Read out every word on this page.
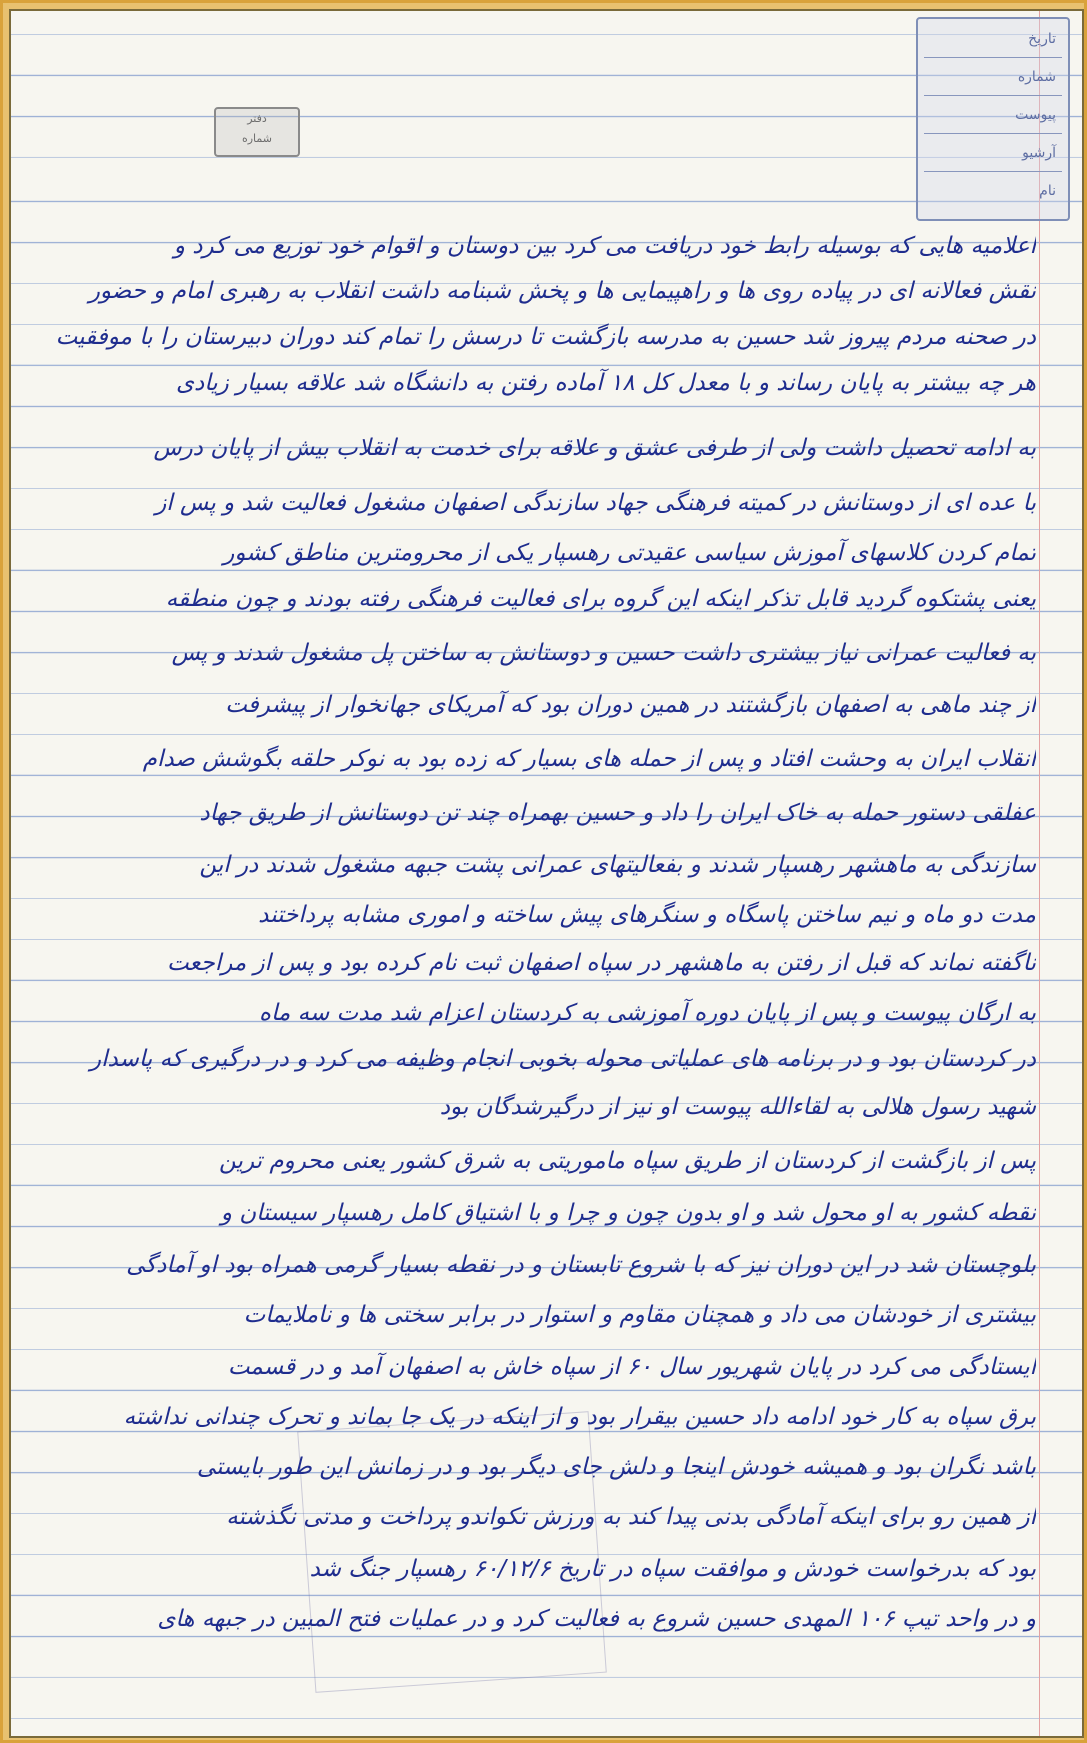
تاریخ
شماره
پیوست
آرشیو
نام
دفتر
شماره
اعلامیه هایی که بوسیله رابط خود دریافت می کرد بین دوستان و اقوام خود توزیع می کرد و
نقش فعالانه ای در پیاده روی ها و راهپیمایی ها و پخش شبنامه داشت انقلاب به رهبری امام و حضور
در صحنه مردم پیروز شد حسین به مدرسه بازگشت تا درسش را تمام کند دوران دبیرستان را با موفقیت
هر چه بیشتر به پایان رساند و با معدل کل ۱۸ آماده رفتن به دانشگاه شد علاقه بسیار زیادی
به ادامه تحصیل داشت ولی از طرفی عشق و علاقه برای خدمت به انقلاب بیش از پایان درس
با عده ای از دوستانش در کمیته فرهنگی جهاد سازندگی اصفهان مشغول فعالیت شد و پس از
تمام کردن کلاسهای آموزش سیاسی عقیدتی رهسپار یکی از محرومترین مناطق کشور
یعنی پشتکوه گردید قابل تذکر اینکه این گروه برای فعالیت فرهنگی رفته بودند و چون منطقه
به فعالیت عمرانی نیاز بیشتری داشت حسین و دوستانش به ساختن پل مشغول شدند و پس
از چند ماهی به اصفهان بازگشتند در همین دوران بود که آمریکای جهانخوار از پیشرفت
انقلاب ایران به وحشت افتاد و پس از حمله های بسیار که زده بود به نوکر حلقه بگوشش صدام
عفلقی دستور حمله به خاک ایران را داد و حسین بهمراه چند تن دوستانش از طریق جهاد
سازندگی به ماهشهر رهسپار شدند و بفعالیتهای عمرانی پشت جبهه مشغول شدند در این
مدت دو ماه و نیم ساختن پاسگاه و سنگرهای پیش ساخته و اموری مشابه پرداختند
ناگفته نماند که قبل از رفتن به ماهشهر در سپاه اصفهان ثبت نام کرده بود و پس از مراجعت
به ارگان پیوست و پس از پایان دوره آموزشی به کردستان اعزام شد مدت سه ماه
در کردستان بود و در برنامه های عملیاتی محوله بخوبی انجام وظیفه می کرد و در درگیری که پاسدار
شهید رسول هلالی به لقاءالله پیوست او نیز از درگیرشدگان بود
پس از بازگشت از کردستان از طریق سپاه ماموریتی به شرق کشور یعنی محروم ترین
نقطه کشور به او محول شد و او بدون چون و چرا و با اشتیاق کامل رهسپار سیستان و
بلوچستان شد در این دوران نیز که با شروع تابستان و در نقطه بسیار گرمی همراه بود او آمادگی
بیشتری از خودشان می داد و همچنان مقاوم و استوار در برابر سختی ها و ناملایمات
ایستادگی می کرد در پایان شهریور سال ۶۰ از سپاه خاش به اصفهان آمد و در قسمت
برق سپاه به کار خود ادامه داد حسین بیقرار بود و از اینکه در یک جا بماند و تحرک چندانی نداشته
باشد نگران بود و همیشه خودش اینجا و دلش جای دیگر بود و در زمانش این طور بایستی
از همین رو برای اینکه آمادگی بدنی پیدا کند به ورزش تکواندو پرداخت و مدتی نگذشته
بود که بدرخواست خودش و موافقت سپاه در تاریخ ۶۰/۱۲/۶ رهسپار جنگ شد
و در واحد تیپ ۱۰۶ المهدی حسین شروع به فعالیت کرد و در عملیات فتح المبین در جبهه های
